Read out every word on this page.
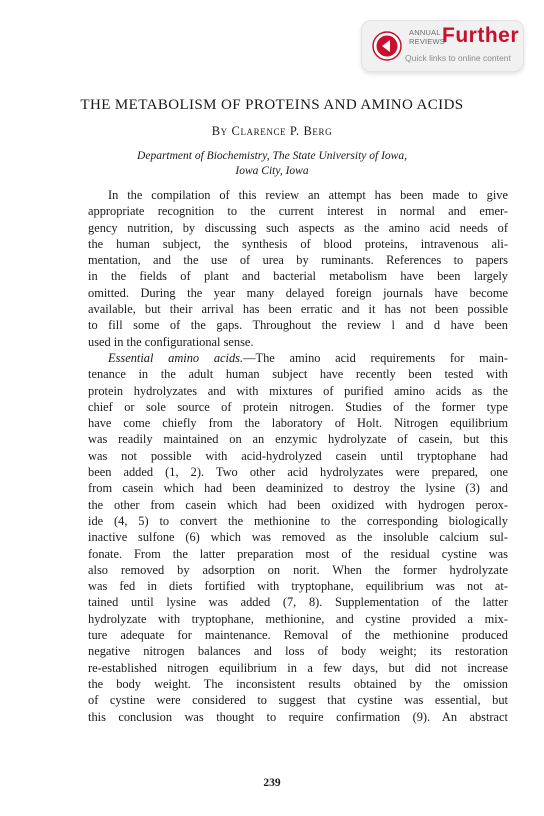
ANNUAL
REVIEWS
Further
Quick links to online content
THE METABOLISM OF PROTEINS AND AMINO ACIDS
By Clarence P. Berg
Department of Biochemistry, The State University of Iowa,
Iowa City, Iowa
In the compilation of this review an attempt has been made to give
appropriate recognition to the current interest in normal and emer-
gency nutrition, by discussing such aspects as the amino acid needs of
the human subject, the synthesis of blood proteins, intravenous ali-
mentation, and the use of urea by ruminants. References to papers
in the fields of plant and bacterial metabolism have been largely
omitted. During the year many delayed foreign journals have become
available, but their arrival has been erratic and it has not been possible
to fill some of the gaps. Throughout the review l and d have been
used in the configurational sense.
Essential amino acids.—The amino acid requirements for main-
tenance in the adult human subject have recently been tested with
protein hydrolyzates and with mixtures of purified amino acids as the
chief or sole source of protein nitrogen. Studies of the former type
have come chiefly from the laboratory of Holt. Nitrogen equilibrium
was readily maintained on an enzymic hydrolyzate of casein, but this
was not possible with acid-hydrolyzed casein until tryptophane had
been added (1, 2). Two other acid hydrolyzates were prepared, one
from casein which had been deaminized to destroy the lysine (3) and
the other from casein which had been oxidized with hydrogen perox-
ide (4, 5) to convert the methionine to the corresponding biologically
inactive sulfone (6) which was removed as the insoluble calcium sul-
fonate. From the latter preparation most of the residual cystine was
also removed by adsorption on norit. When the former hydrolyzate
was fed in diets fortified with tryptophane, equilibrium was not at-
tained until lysine was added (7, 8). Supplementation of the latter
hydrolyzate with tryptophane, methionine, and cystine provided a mix-
ture adequate for maintenance. Removal of the methionine produced
negative nitrogen balances and loss of body weight; its restoration
re-established nitrogen equilibrium in a few days, but did not increase
the body weight. The inconsistent results obtained by the omission
of cystine were considered to suggest that cystine was essential, but
this conclusion was thought to require confirmation (9). An abstract
239
